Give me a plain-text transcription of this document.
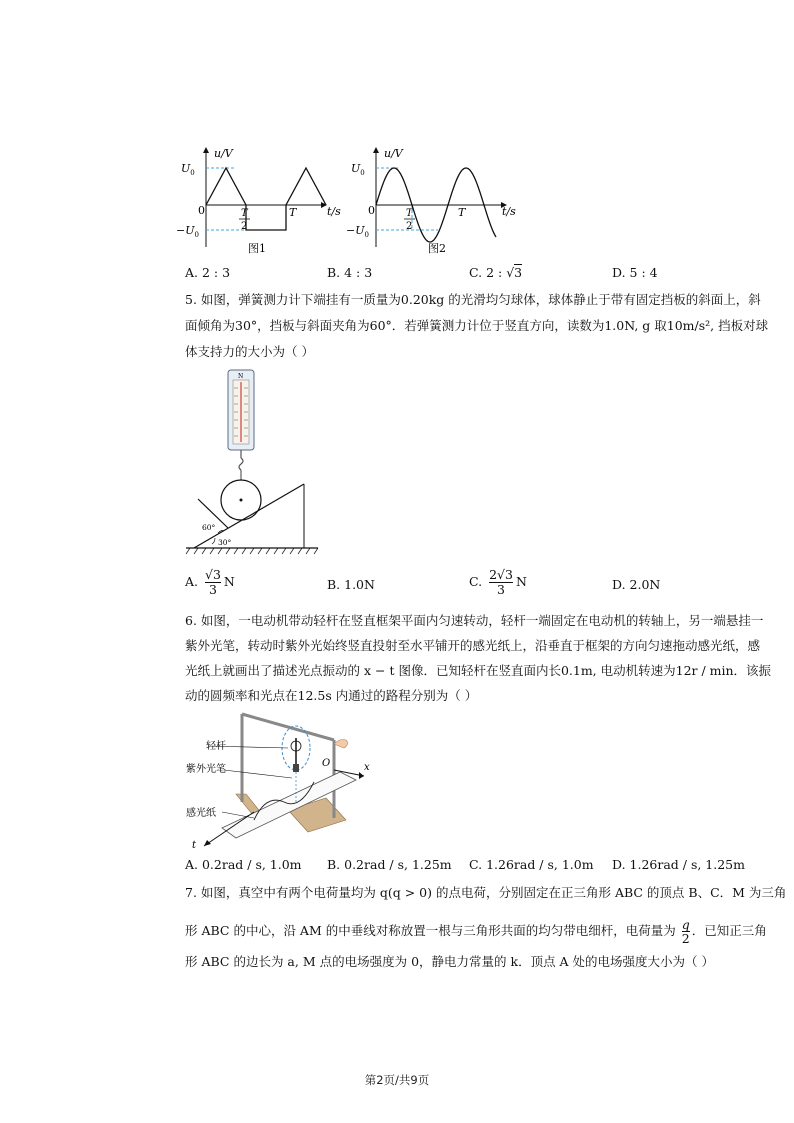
u/V
t/s
$U_0$
$-U_0$
0	T
2
T
图1
u/V
t/s
$U_0$
$-U_0$
0	T
2
T
图2
A. 2 : 3	B. 4 : 3	C. 2 : √3	D. 5 : 4
5. 如图，弹簧测力计下端挂有一质量为0.20kg 的光滑均匀球体，球体静止于带有固定挡板的斜面上，斜
面倾角为30°，挡板与斜面夹角为60°．若弹簧测力计位于竖直方向，读数为1.0N, g 取10m/s², 挡板对球
体支持力的大小为（ ）
N
60°
30°
A. $\frac{√3}{3}$ N	B. 1.0N	C. $\frac{2√3}{3}$ N	D. 2.0N
6. 如图，一电动机带动轻杆在竖直框架平面内匀速转动，轻杆一端固定在电动机的转轴上，另一端悬挂一
紫外光笔，转动时紫外光始终竖直投射至水平铺开的感光纸上，沿垂直于框架的方向匀速拖动感光纸，感
光纸上就画出了描述光点振动的 x − t 图像．已知轻杆在竖直面内长0.1m, 电动机转速为12r / min．该振
动的圆频率和光点在12.5s 内通过的路程分别为（ ）
轻杆
紫外光笔
感光纸
O	x
t
A. 0.2rad / s, 1.0m B. 0.2rad / s, 1.25m C. 1.26rad / s, 1.0m D. 1.26rad / s, 1.25m
7. 如图，真空中有两个电荷量均为 q(q > 0) 的点电荷，分别固定在正三角形 ABC 的顶点 B、C．M 为三角
形 ABC 的中心，沿 AM 的中垂线对称放置一根与三角形共面的均匀带电细杆，电荷量为 $\frac{q}{2}$ ．已知正三角
形 ABC 的边长为 a, M 点的电场强度为 0，静电力常量的 k．顶点 A 处的电场强度大小为（ ）
第2页/共9页
